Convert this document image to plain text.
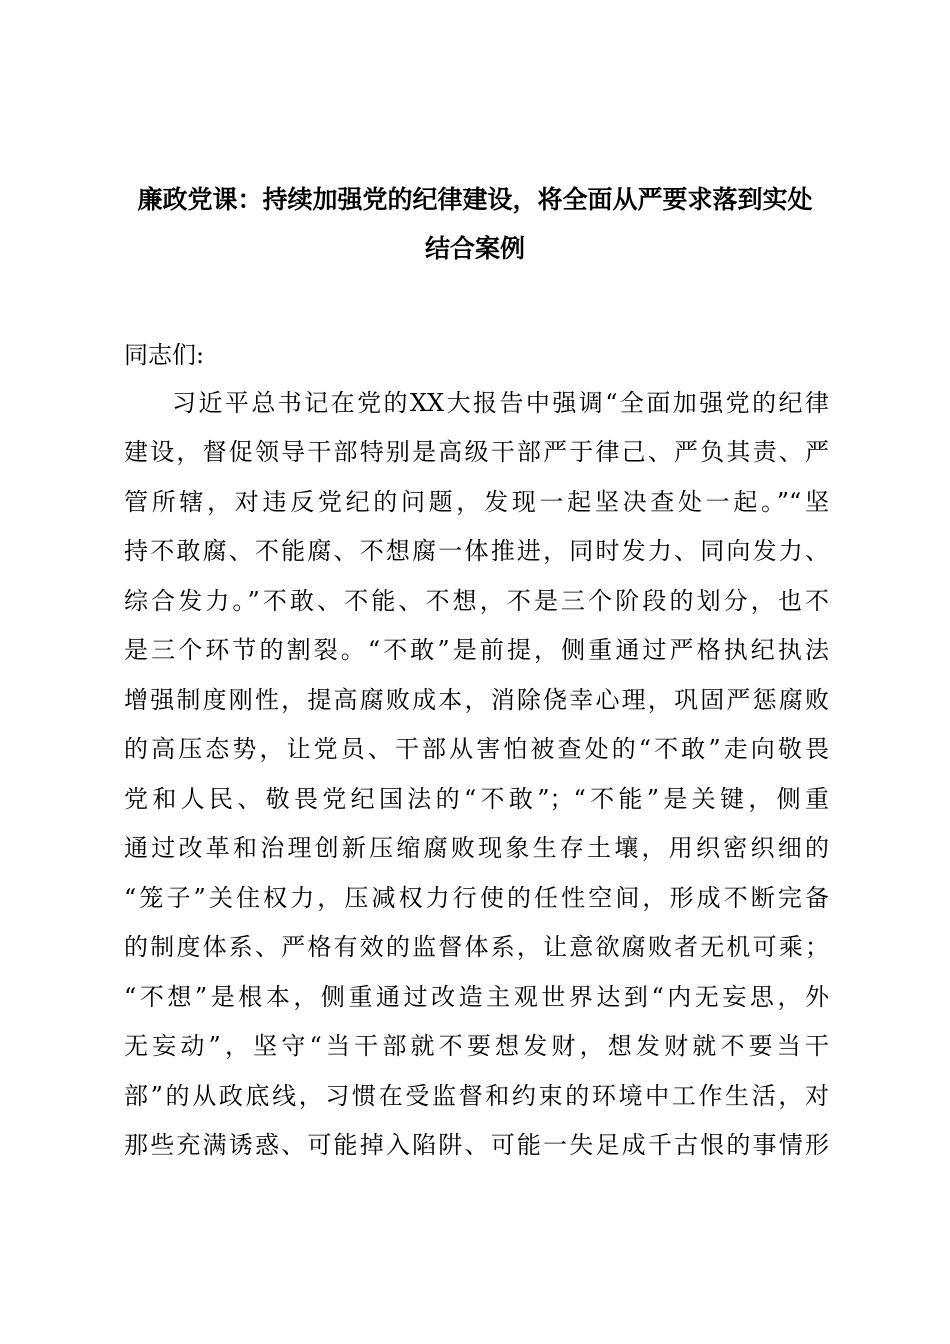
廉政党课：持续加强党的纪律建设，将全面从严要求落到实处
结合案例

同志们:

习近平总书记在党的XX大报告中强调“全面加强党的纪律

建设，督促领导干部特别是高级干部严于律己、严负其责、严

管所辖，对违反党纪的问题，发现一起坚决查处一起。”“坚

持不敢腐、不能腐、不想腐一体推进，同时发力、同向发力、

综合发力。”不敢、不能、不想，不是三个阶段的划分，也不

是三个环节的割裂。“不敢”是前提，侧重通过严格执纪执法

增强制度刚性，提高腐败成本，消除侥幸心理，巩固严惩腐败

的高压态势，让党员、干部从害怕被查处的“不敢”走向敬畏

党和人民、敬畏党纪国法的“不敢”；“不能”是关键，侧重

通过改革和治理创新压缩腐败现象生存土壤，用织密织细的

“笼子”关住权力，压减权力行使的任性空间，形成不断完备

的制度体系、严格有效的监督体系，让意欲腐败者无机可乘；

“不想”是根本，侧重通过改造主观世界达到“内无妄思，外

无妄动”，坚守“当干部就不要想发财，想发财就不要当干

部”的从政底线，习惯在受监督和约束的环境中工作生活，对

那些充满诱惑、可能掉入陷阱、可能一失足成千古恨的事情形
